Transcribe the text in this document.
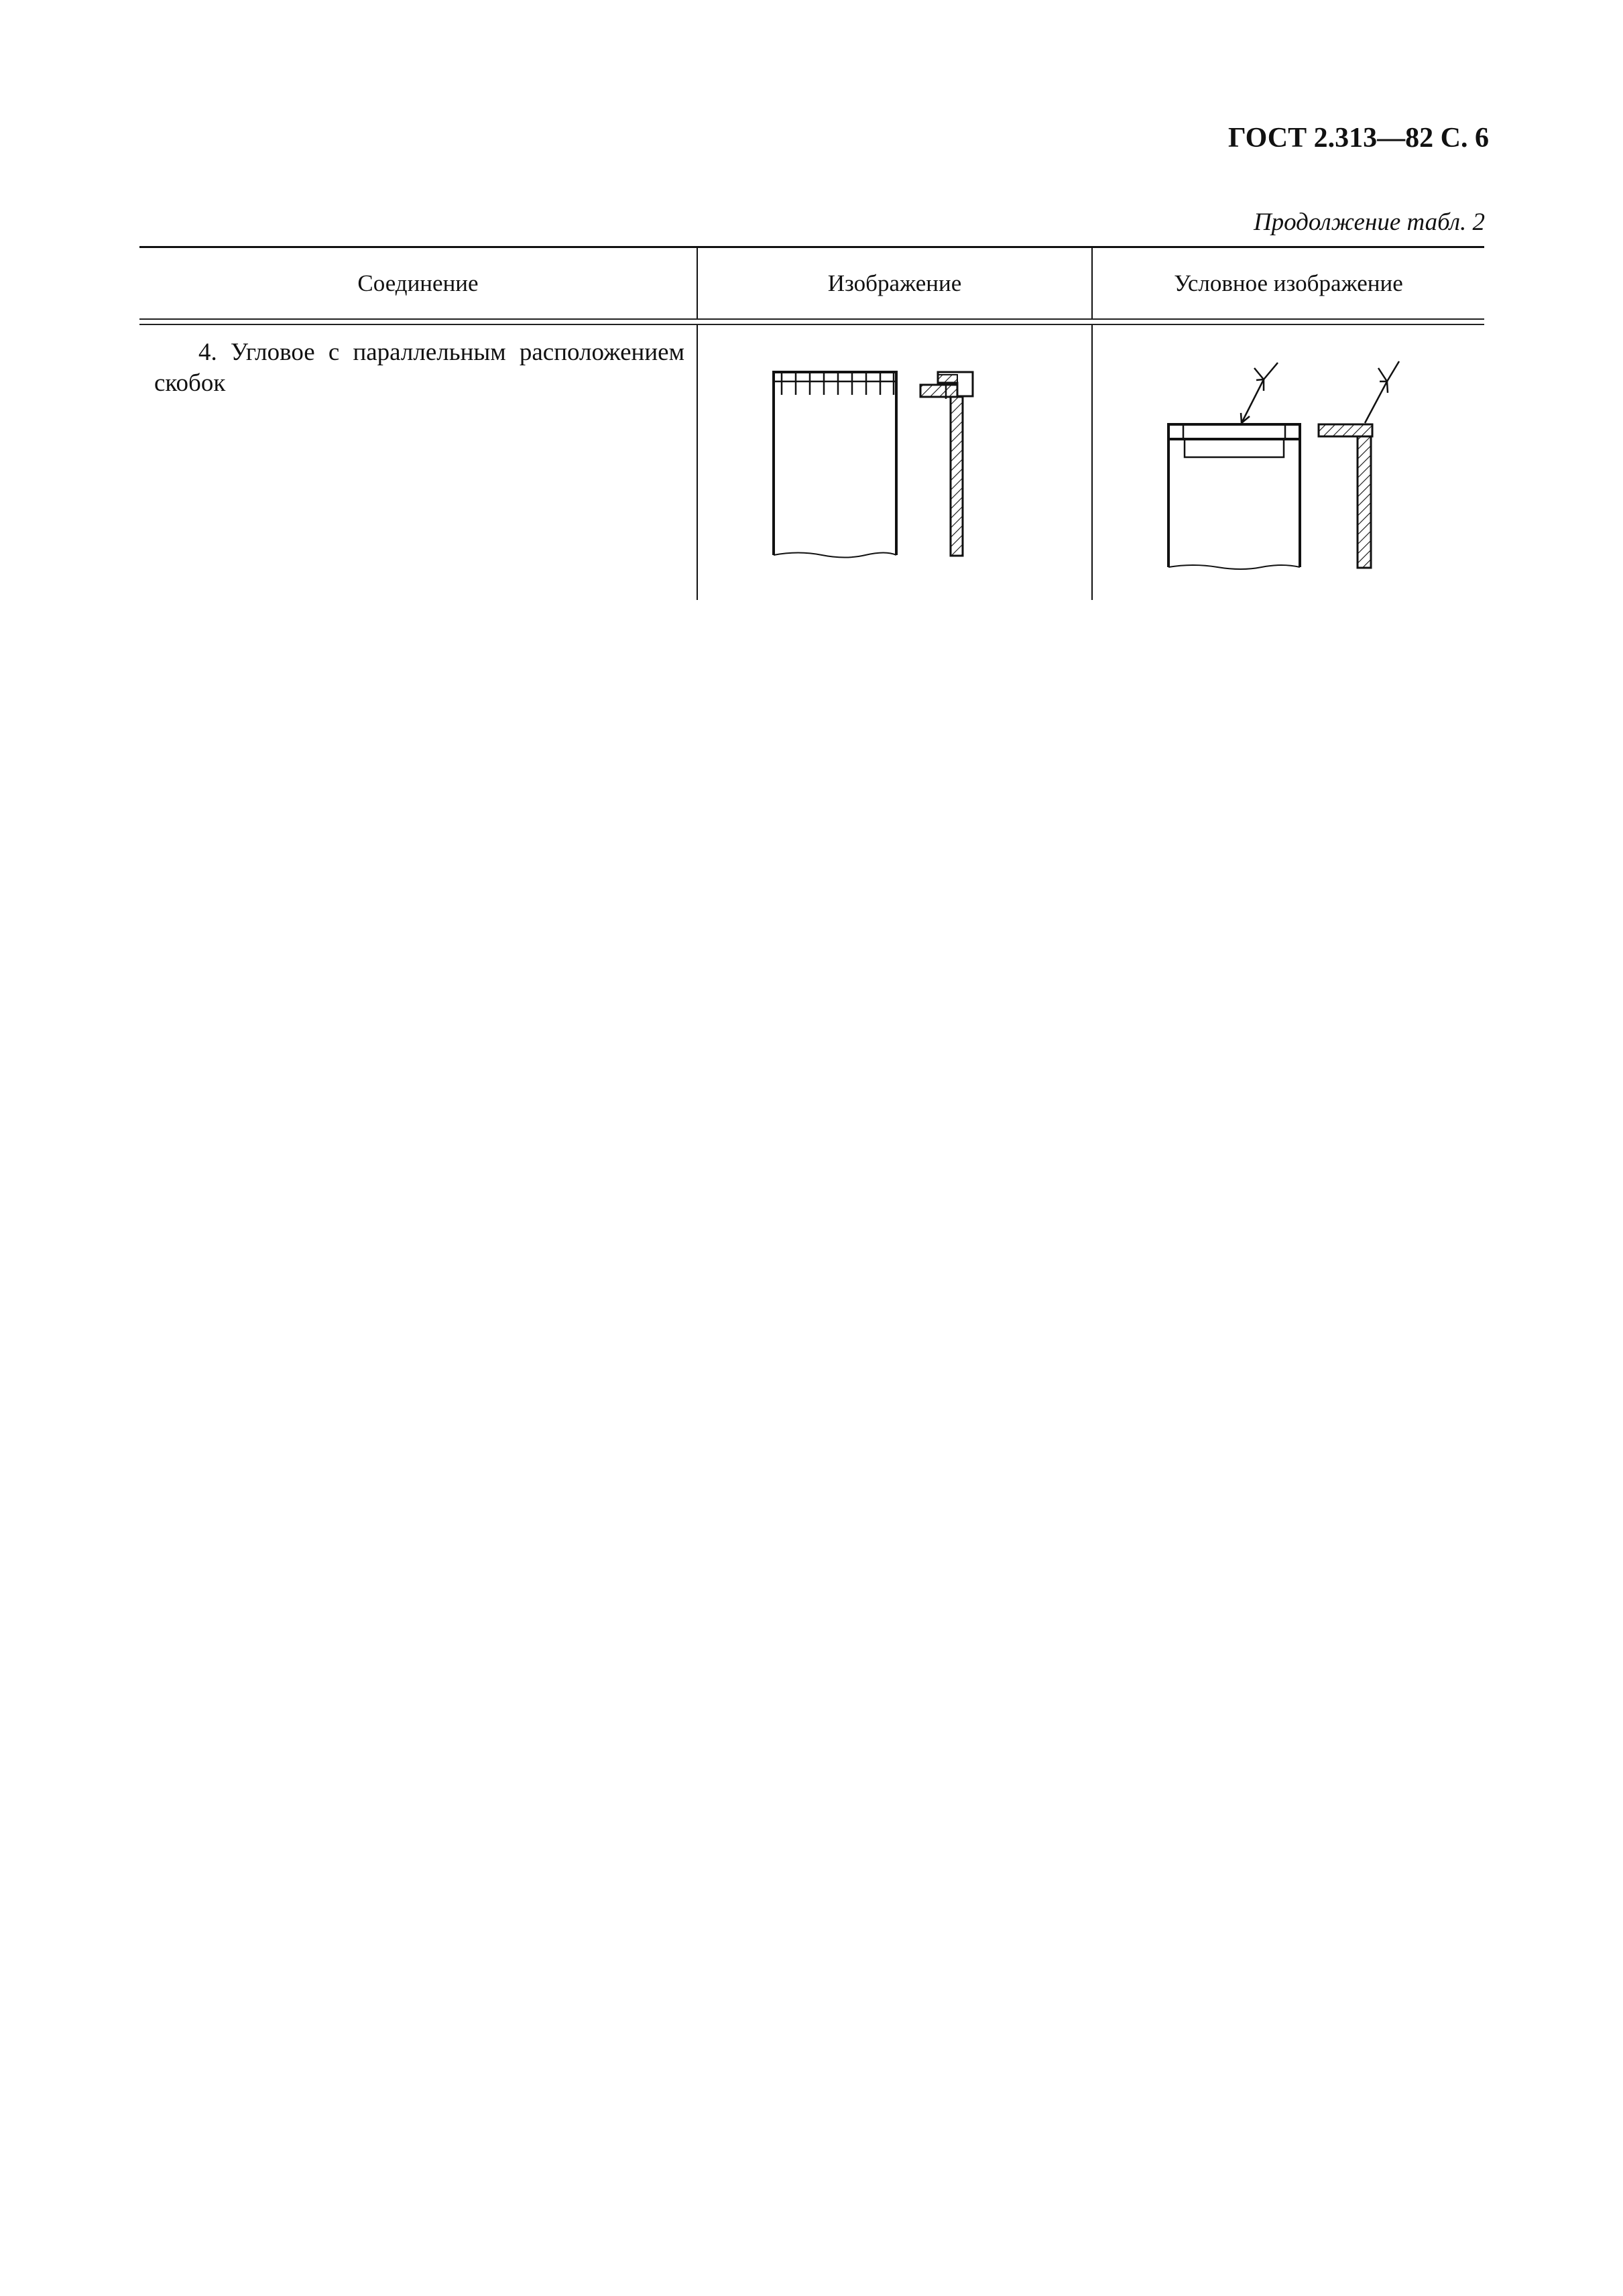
ГОСТ 2.313—82 С. 6
Продолжение табл. 2
Соединение	Изображение	Условное изображение

4. Угловое с параллельным расположением скобок
